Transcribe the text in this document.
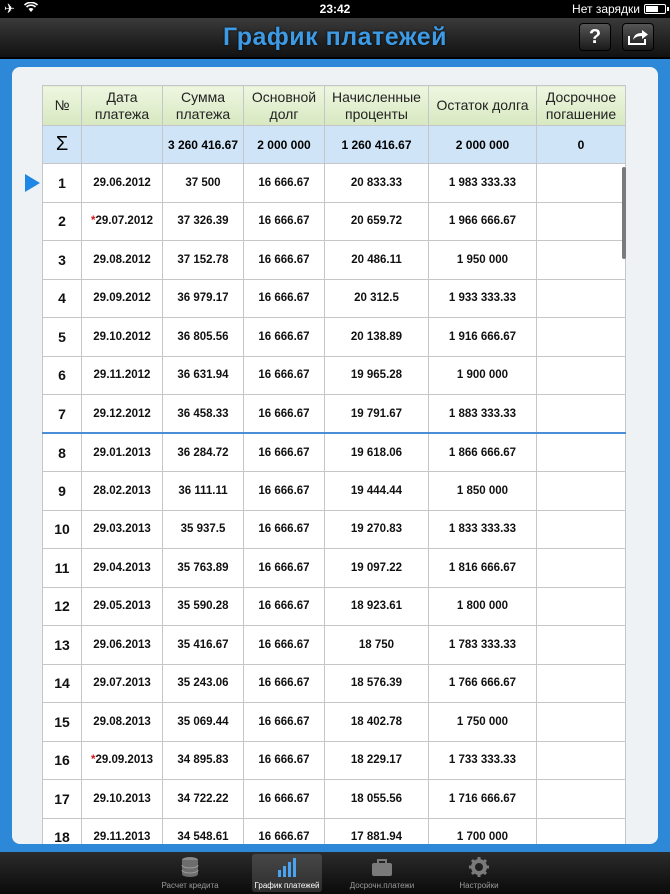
✈	23:42	Нет зарядки
График платежей	?
№	Дата платежа	Сумма платежа	Основной долг	Начисленные проценты	Остаток долга	Досрочное погашение
Σ		3 260 416.67	2 000 000	1 260 416.67	2 000 000	0
1	29.06.2012	37 500	16 666.67	20 833.33	1 983 333.33	
2	*29.07.2012	37 326.39	16 666.67	20 659.72	1 966 666.67	
3	29.08.2012	37 152.78	16 666.67	20 486.11	1 950 000	
4	29.09.2012	36 979.17	16 666.67	20 312.5	1 933 333.33	
5	29.10.2012	36 805.56	16 666.67	20 138.89	1 916 666.67	
6	29.11.2012	36 631.94	16 666.67	19 965.28	1 900 000	
7	29.12.2012	36 458.33	16 666.67	19 791.67	1 883 333.33	
8	29.01.2013	36 284.72	16 666.67	19 618.06	1 866 666.67	
9	28.02.2013	36 111.11	16 666.67	19 444.44	1 850 000	
10	29.03.2013	35 937.5	16 666.67	19 270.83	1 833 333.33	
11	29.04.2013	35 763.89	16 666.67	19 097.22	1 816 666.67	
12	29.05.2013	35 590.28	16 666.67	18 923.61	1 800 000	
13	29.06.2013	35 416.67	16 666.67	18 750	1 783 333.33	
14	29.07.2013	35 243.06	16 666.67	18 576.39	1 766 666.67	
15	29.08.2013	35 069.44	16 666.67	18 402.78	1 750 000	
16	*29.09.2013	34 895.83	16 666.67	18 229.17	1 733 333.33	
17	29.10.2013	34 722.22	16 666.67	18 055.56	1 716 666.67	
18	29.11.2013	34 548.61	16 666.67	17 881.94	1 700 000	
Расчет кредита	График платежей	Досрочн.платежи	Настройки
